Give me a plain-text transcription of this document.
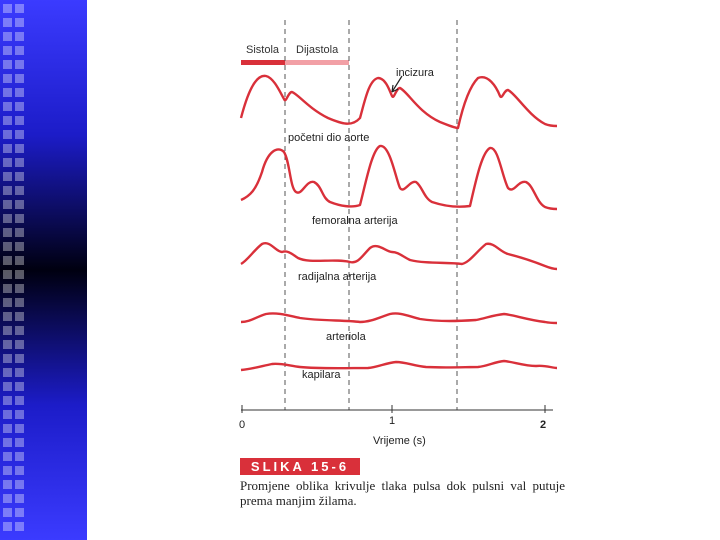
Sistola Dijastola
0	1	2
Vrijeme (s)
incizura
početni dio aorte
femoralna arterija
radijalna arterija
arteriola
kapilara
SLIKA 15-6
Promjene oblika krivulje tlaka pulsa dok pulsni val putuje prema manjim žilama.
